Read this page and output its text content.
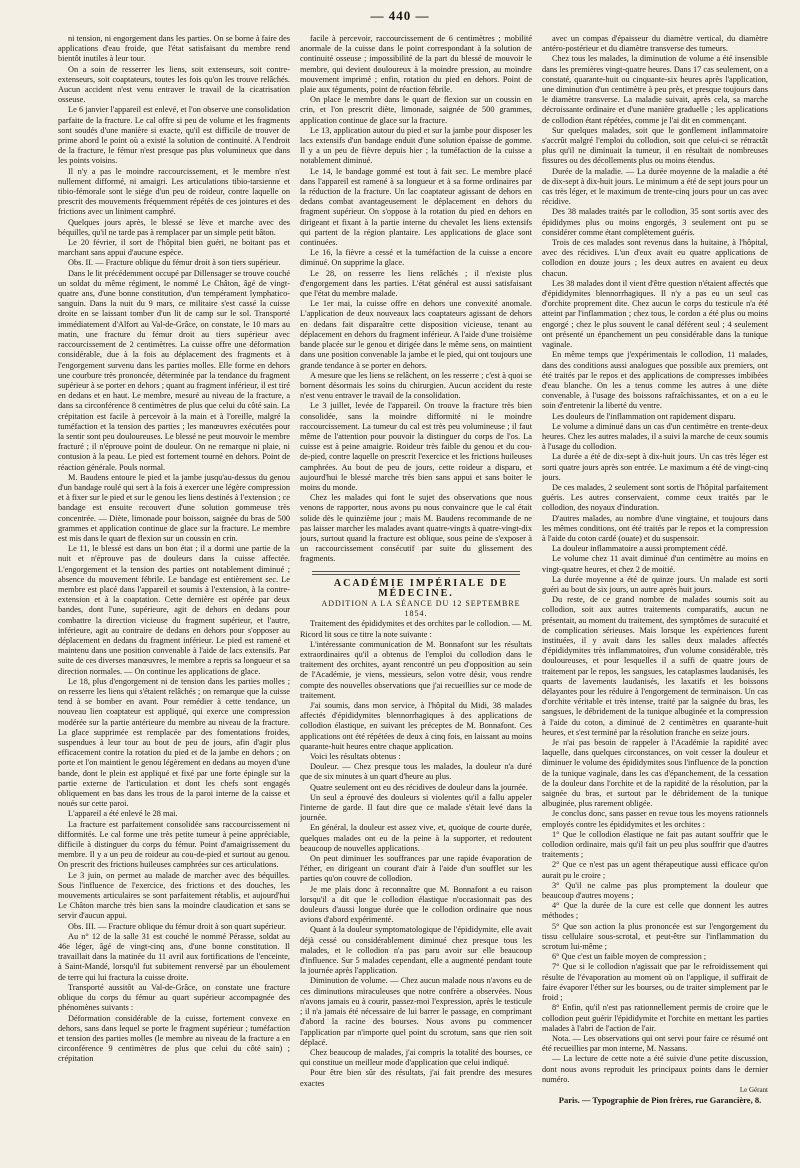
— 440 —

ni tension, ni engorgement dans les parties. On se borne à faire des applications d'eau froide, que l'état satisfaisant du membre rend bientôt inutiles à leur tour.

On a soin de resserrer les liens, soit extenseurs, soit contre-extenseurs, soit coaptateurs, toutes les fois qu'on les trouve relâchés. Aucun accident n'est venu entraver le travail de la cicatrisation osseuse.

Le 6 janvier l'appareil est enlevé, et l'on observe une consolidation parfaite de la fracture. Le cal offre si peu de volume et les fragments sont soudés d'une manière si exacte, qu'il est difficile de trouver de prime abord le point où a existé la solution de continuité. A l'endroit de la fracture, le fémur n'est presque pas plus volumineux que dans les points voisins.

Il n'y a pas le moindre raccourcissement, et le membre n'est nullement difformé, ni amaigri. Les articulations tibio-tarsienne et tibio-fémorale sont le siége d'un peu de roideur, contre laquelle on prescrit des mouvements fréquemment répétés de ces jointures et des frictions avec un liniment camphré.

Quelques jours après, le blessé se lève et marche avec des béquilles, qu'il ne tarde pas à remplacer par un simple petit bâton.

Le 20 février, il sort de l'hôpital bien guéri, ne boitant pas et marchant sans appui d'aucune espèce.

Obs. II. — Fracture oblique du fémur droit à son tiers supérieur.

Dans le lit précédemment occupé par Dillensager se trouve couché un soldat du même régiment, le nommé Le Châton, âgé de vingt-quatre ans, d'une bonne constitution, d'un tempérament lymphatico-sanguin. Dans la nuit du 9 mars, ce militaire s'est cassé la cuisse droite en se laissant tomber d'un lit de camp sur le sol. Transporté immédiatement d'Alfort au Val-de-Grâce, on constate, le 10 mars au matin, une fracture du fémur droit au tiers supérieur avec raccourcissement de 2 centimètres. La cuisse offre une déformation considérable, due à la fois au déplacement des fragments et à l'engorgement survenu dans les parties molles. Elle forme en dehors une courbure très prononcée, déterminée par la tendance du fragment supérieur à se porter en dehors ; quant au fragment inférieur, il est tiré en dedans et en haut. Le membre, mesuré au niveau de la fracture, a dans sa circonférence 8 centimètres de plus que celui du côté sain. La crépitation est facile à percevoir à la main et à l'oreille, malgré la tuméfaction et la tension des parties ; les manœuvres exécutées pour la sentir sont peu douloureuses. Le blessé ne peut mouvoir le membre fracturé ; il n'éprouve point de douleur. On ne remarque ni plaie, ni contusion à la peau. Le pied est fortement tourné en dehors. Point de réaction générale. Pouls normal.

M. Baudens entoure le pied et la jambe jusqu'au-dessus du genou d'un bandage roulé qui sert à la fois à exercer une légère compression et à fixer sur le pied et sur le genou les liens destinés à l'extension ; ce bandage est ensuite recouvert d'une solution gommeuse très concentrée. — Diète, limonade pour boisson, saignée du bras de 500 grammes et application continue de glace sur la fracture. Le membre est mis dans le quart de flexion sur un coussin en crin.

Le 11, le blessé est dans un bon état ; il a dormi une partie de la nuit et n'éprouve pas de douleurs dans la cuisse affectée. L'engorgement et la tension des parties ont notablement diminué ; absence du mouvement fébrile. Le bandage est entièrement sec. Le membre est placé dans l'appareil et soumis à l'extension, à la contre-extension et à la coaptation. Cette dernière est opérée par deux bandes, dont l'une, supérieure, agit de dehors en dedans pour combattre la direction vicieuse du fragment supérieur, et l'autre, inférieure, agit au contraire de dedans en dehors pour s'opposer au déplacement en dedans du fragment inférieur. Le pied est ramené et maintenu dans une position convenable à l'aide de lacs extensifs. Par suite de ces diverses manœuvres, le membre a repris sa longueur et sa direction normales. — On continue les applications de glace.

Le 18, plus d'engorgement ni de tension dans les parties molles ; on resserre les liens qui s'étaient relâchés ; on remarque que la cuisse tend à se bomber en avant. Pour remédier à cette tendance, un nouveau lien coaptateur est appliqué, qui exerce une compression modérée sur la partie antérieure du membre au niveau de la fracture. La glace supprimée est remplacée par des fomentations froides, suspendues à leur tour au bout de peu de jours, afin d'agir plus efficacement contre la rotation du pied et de la jambe en dehors ; on porte et l'on maintient le genou légèrement en dedans au moyen d'une bande, dont le plein est appliqué et fixé par une forte épingle sur la partie externe de l'articulation et dont les chefs sont engagés obliquement en bas dans les trous de la paroi interne de la caisse et noués sur cette paroi.

L'appareil a été enlevé le 28 mai.

La fracture est parfaitement consolidée sans raccourcissement ni difformités. Le cal forme une très petite tumeur à peine appréciable, difficile à distinguer du corps du fémur. Point d'amaigrissement du membre. Il y a un peu de roideur au cou-de-pied et surtout au genou. On prescrit des frictions huileuses camphrées sur ces articulations.

Le 3 juin, on permet au malade de marcher avec des béquilles. Sous l'influence de l'exercice, des frictions et des douches, les mouvements articulaires se sont parfaitement rétablis, et aujourd'hui Le Châton marche très bien sans la moindre claudication et sans se servir d'aucun appui.

Obs. III. — Fracture oblique du fémur droit à son quart supérieur.

Au n° 12 de la salle 31 est couché le nommé Pérasse, soldat au 46e léger, âgé de vingt-cinq ans, d'une bonne constitution. Il travaillait dans la matinée du 11 avril aux fortifications de l'enceinte, à Saint-Mandé, lorsqu'il fut subitement renversé par un éboulement de terre qui lui fractura la cuisse droite.

Transporté aussitôt au Val-de-Grâce, on constate une fracture oblique du corps du fémur au quart supérieur accompagnée des phénomènes suivants :

Déformation considérable de la cuisse, fortement convexe en dehors, sans dans lequel se porte le fragment supérieur ; tuméfaction et tension des parties molles (le membre au niveau de la fracture a en circonférence 9 centimètres de plus que celui du côté sain) ; crépitation

facile à percevoir, raccourcissement de 6 centimètres ; mobilité anormale de la cuisse dans le point correspondant à la solution de continuité osseuse ; impossibilité de la part du blessé de mouvoir le membre, qui devient douloureux à la moindre pression, au moindre mouvement imprimé ; enfin, rotation du pied en dehors. Point de plaie aux téguments, point de réaction fébrile.

On place le membre dans le quart de flexion sur un coussin en crin, et l'on prescrit diète, limonade, saignée de 500 grammes, application continue de glace sur la fracture.

Le 13, application autour du pied et sur la jambe pour disposer les lacs extensifs d'un bandage enduit d'une solution épaisse de gomme. Il y a un peu de fièvre depuis hier ; la tuméfaction de la cuisse a notablement diminué.

Le 14, le bandage gommé est tout à fait sec. Le membre placé dans l'appareil est ramené à sa longueur et à sa forme ordinaires par la réduction de la fracture. Un lac coaptateur agissant de dehors en dedans combat avantageusement le déplacement en dehors du fragment supérieur. On s'oppose à la rotation du pied en dehors en dirigeant et fixant à la partie interne du chevalet les liens extensifs qui partent de la région plantaire. Les applications de glace sont continuées.

Le 16, la fièvre a cessé et la tuméfaction de la cuisse a encore diminué. On supprime la glace.

Le 28, on resserre les liens relâchés ; il n'existe plus d'engorgement dans les parties. L'état général est aussi satisfaisant que l'état du membre malade.

Le 1er mai, la cuisse offre en dehors une convexité anomale. L'application de deux nouveaux lacs coaptateurs agissant de dehors en dedans fait disparaître cette disposition vicieuse, tenant au déplacement en dehors du fragment inférieur. A l'aide d'une troisième bande placée sur le genou et dirigée dans le même sens, on maintient dans une position convenable la jambe et le pied, qui ont toujours une grande tendance à se porter en dehors.

A mesure que les liens se relâchent, on les resserre ; c'est à quoi se bornent désormais les soins du chirurgien. Aucun accident du reste n'est venu entraver le travail de la consolidation.

Le 3 juillet, levée de l'appareil. On trouve la fracture très bien consolidée, sans la moindre difformité ni le moindre raccourcissement. La tumeur du cal est très peu volumineuse ; il faut même de l'attention pour pouvoir la distinguer du corps de l'os. La cuisse est à peine amaigrie. Roideur très faible du genou et du cou-de-pied, contre laquelle on prescrit l'exercice et les frictions huileuses camphrées. Au bout de peu de jours, cette roideur a disparu, et aujourd'hui le blessé marche très bien sans appui et sans boiter le moins du monde.

Chez les malades qui font le sujet des observations que nous venons de rapporter, nous avons pu nous convaincre que le cal était solide dès le quinzième jour ; mais M. Baudens recommande de ne pas laisser marcher les malades avant quatre-vingts à quatre-vingt-dix jours, surtout quand la fracture est oblique, sous peine de s'exposer à un raccourcissement consécutif par suite du glissement des fragments.

ACADÉMIE IMPÉRIALE DE MÉDECINE.

ADDITION A LA SÉANCE DU 12 SEPTEMBRE 1854.

Traitement des épididymites et des orchites par le collodion. — M. Ricord lit sous ce titre la note suivante :

L'intéressante communication de M. Bonnafont sur les résultats extraordinaires qu'il a obtenus de l'emploi du collodion dans le traitement des orchites, ayant rencontré un peu d'opposition au sein de l'Académie, je viens, messieurs, selon votre désir, vous rendre compte des nouvelles observations que j'ai recueillies sur ce mode de traitement.

J'ai soumis, dans mon service, à l'hôpital du Midi, 38 malades affectés d'épididymites blennorrhagiques à des applications de collodion élastique, en suivant les préceptes de M. Bonnafont. Ces applications ont été répétées de deux à cinq fois, en laissant au moins quarante-huit heures entre chaque application.

Voici les résultats obtenus :

Douleur. — Chez presque tous les malades, la douleur n'a duré que de six minutes à un quart d'heure au plus.

Quatre seulement ont eu des récidives de douleur dans la journée.

Un seul a éprouvé des douleurs si violentes qu'il a fallu appeler l'interne de garde. Il faut dire que ce malade s'était levé dans la journée.

En général, la douleur est assez vive, et, quoique de courte durée, quelques malades ont eu de la peine à la supporter, et redoutent beaucoup de nouvelles applications.

On peut diminuer les souffrances par une rapide évaporation de l'éther, en dirigeant un courant d'air à l'aide d'un soufflet sur les parties qu'on couvre de collodion.

Je me plais donc à reconnaître que M. Bonnafont a eu raison lorsqu'il a dit que le collodion élastique n'occasionnait pas des douleurs d'aussi longue durée que le collodion ordinaire que nous avions d'abord expérimenté.

Quant à la douleur symptomatologique de l'épididymite, elle avait déjà cessé ou considérablement diminué chez presque tous les malades, et le collodion n'a pas paru avoir sur elle beaucoup d'influence. Sur 5 malades cependant, elle a augmenté pendant toute la journée après l'application.

Diminution de volume. — Chez aucun malade nous n'avons eu de ces diminutions miraculeuses que notre confrère a observées. Nous n'avons jamais eu à courir, passez-moi l'expression, après le testicule ; il n'a jamais été nécessaire de lui barrer le passage, en comprimant d'abord la racine des bourses. Nous avons pu commencer l'application par n'importe quel point du scrotum, sans que rien soit déplacé.

Chez beaucoup de malades, j'ai compris la totalité des bourses, ce qui constitue un meilleur mode d'application que celui indiqué.

Pour être bien sûr des résultats, j'ai fait prendre des mesures exactes

avec un compas d'épaisseur du diamètre vertical, du diamètre antéro-postérieur et du diamètre transverse des tumeurs.

Chez tous les malades, la diminution de volume a été insensible dans les premières vingt-quatre heures. Dans 17 cas seulement, on a constaté, quarante-huit ou cinquante-six heures après l'application, une diminution d'un centimètre à peu près, et presque toujours dans le diamètre transverse. La maladie suivait, après cela, sa marche décroissante ordinaire et d'une manière graduelle ; les applications de collodion étant répétées, comme je l'ai dit en commençant.

Sur quelques malades, soit que le gonflement inflammatoire s'accrût malgré l'emploi du collodion, soit que celui-ci se rétractât plus qu'il ne diminuait la tumeur, il en résultait de nombreuses fissures ou des décollements plus ou moins étendus.

Durée de la maladie. — La durée moyenne de la maladie a été de dix-sept à dix-huit jours. Le minimum a été de sept jours pour un cas très léger, et le maximum de trente-cinq jours pour un cas avec récidive.

Des 38 malades traités par le collodion, 35 sont sortis avec des épididymes plus ou moins engorgés, 3 seulement ont pu se considérer comme étant complètement guéris.

Trois de ces malades sont revenus dans la huitaine, à l'hôpital, avec des récidives. L'un d'eux avait eu quatre applications de collodion en douze jours ; les deux autres en avaient eu deux chacun.

Les 38 malades dont il vient d'être question n'étaient affectés que d'épididymites blennorrhagiques. Il n'y a pas eu un seul cas d'orchite proprement dite. Chez aucun le corps du testicule n'a été atteint par l'inflammation ; chez tous, le cordon a été plus ou moins engorgé ; chez le plus souvent le canal déférent seul ; 4 seulement ont présenté un épanchement un peu considérable dans la tunique vaginale.

En même temps que j'expérimentais le collodion, 11 malades, dans des conditions aussi analogues que possible aux premiers, ont été traités par le repos et des applications de compresses imbibées d'eau blanche. On les a tenus comme les autres à une diète convenable, à l'usage des boissons rafraîchissantes, et on a eu le soin d'entretenir la liberté du ventre.

Les douleurs de l'inflammation ont rapidement disparu.

Le volume a diminué dans un cas d'un centimètre en trente-deux heures. Chez les autres malades, il a suivi la marche de ceux soumis à l'usage du collodion.

La durée a été de dix-sept à dix-huit jours. Un cas très léger est sorti quatre jours après son entrée. Le maximum a été de vingt-cinq jours.

De ces malades, 2 seulement sont sortis de l'hôpital parfaitement guéris. Les autres conservaient, comme ceux traités par le collodion, des noyaux d'induration.

D'autres malades, au nombre d'une vingtaine, et toujours dans les mêmes conditions, ont été traités par le repos et la compression à l'aide du coton cardé (ouate) et du suspensoir.

La douleur inflammatoire a aussi promptement cédé.

Le volume chez 11 avait diminué d'un centimètre au moins en vingt-quatre heures, et chez 2 de moitié.

La durée moyenne a été de quinze jours. Un malade est sorti guéri au bout de six jours, un autre après huit jours.

Du reste, de ce grand nombre de malades soumis soit au collodion, soit aux autres traitements comparatifs, aucun ne présentait, au moment du traitement, des symptômes de suracuité et de complication sérieuses. Mais lorsque les expériences furent instituées, il y avait dans les salles deux malades affectés d'épididymites très inflammatoires, d'un volume considérable, très douloureuses, et pour lesquelles il a suffi de quatre jours de traitement par le repos, les sangsues, les cataplasmes laudanisés, les quarts de lavements laudanisés, les laxatifs et les boissons délayantes pour les réduire à l'engorgement de terminaison. Un cas d'orchite véritable et très intense, traité par la saignée du bras, les sangsues, le débridement de la tunique albuginée et la compression à l'aide du coton, a diminué de 2 centimètres en quarante-huit heures, et s'est terminé par la résolution franche en seize jours.

Je n'ai pas besoin de rappeler à l'Académie la rapidité avec laquelle, dans quelques circonstances, on voit cesser la douleur et diminuer le volume des épididymites sous l'influence de la ponction de la tunique vaginale, dans les cas d'épanchement, de la cessation de la douleur dans l'orchite et de la rapidité de la résolution, par la saignée du bras, et surtout par le débridement de la tunique albuginée, plus rarement obligée.

Je conclus donc, sans passer en revue tous les moyens rationnels employés contre les épididymites et les orchites :

1° Que le collodion élastique ne fait pas autant souffrir que le collodion ordinaire, mais qu'il fait un peu plus souffrir que d'autres traitements ;

2° Que ce n'est pas un agent thérapeutique aussi efficace qu'on aurait pu le croire ;

3° Qu'il ne calme pas plus promptement la douleur que beaucoup d'autres moyens ;

4° Que la durée de la cure est celle que donnent les autres méthodes ;

5° Que son action la plus prononcée est sur l'engorgement du tissu cellulaire sous-scrotal, et peut-être sur l'inflammation du scrotum lui-même ;

6° Que c'est un faible moyen de compression ;

7° Que si le collodion n'agissait que par le refroidissement qui résulte de l'évaporation au moment où on l'applique, il suffirait de faire évaporer l'éther sur les bourses, ou de traiter simplement par le froid ;

8° Enfin, qu'il n'est pas rationnellement permis de croire que le collodion peut guérir l'épididymite et l'orchite en mettant les parties malades à l'abri de l'action de l'air.

Nota. — Les observations qui ont servi pour faire ce résumé ont été recueillies par mon interne, M. Nassans.

— La lecture de cette note a été suivie d'une petite discussion, dont nous avons reproduit les principaux points dans le dernier numéro.

Le Gérant

Paris. — Typographie de Pion frères, rue Garancière, 8.
